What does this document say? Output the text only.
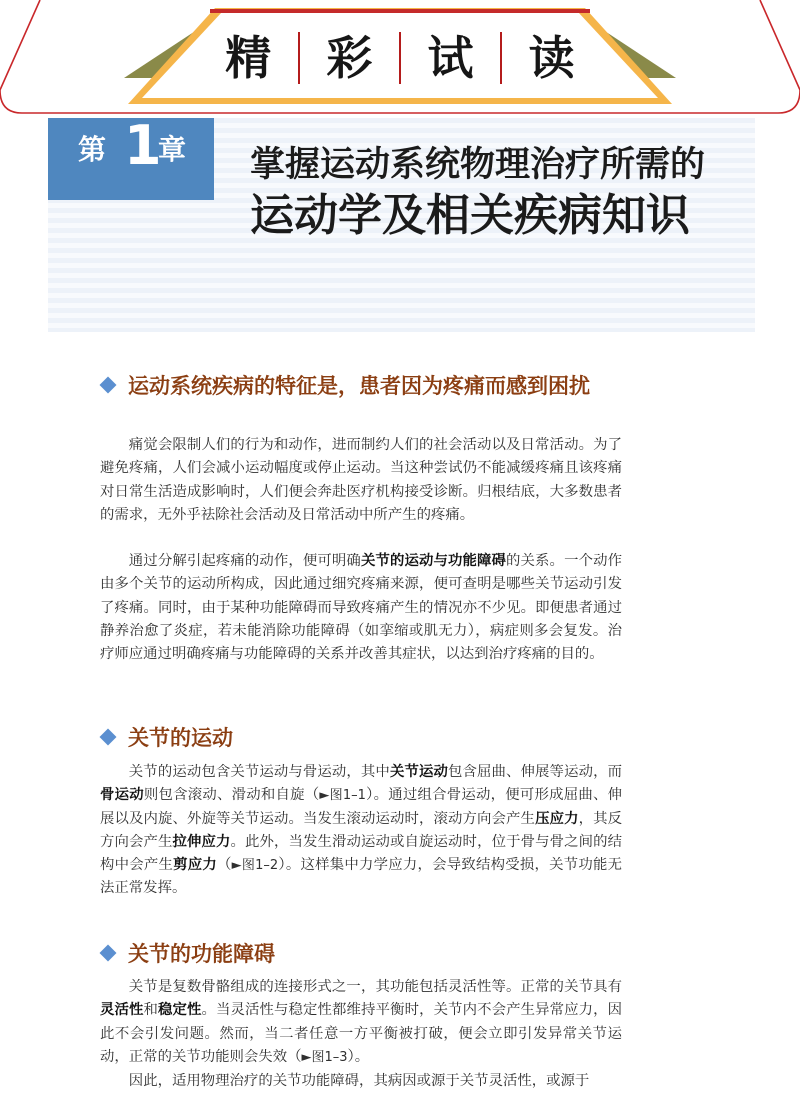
精 彩 试 读
第 1
章 掌握运动系统物理治疗所需的
运动学及相关疾病知识
运动系统疾病的特征是，患者因为疼痛而感到困扰

痛觉会限制人们的行为和动作，进而制约人们的社会活动以及日常活动。为了避免疼痛，人们会减小运动幅度或停止运动。当这种尝试仍不能减缓疼痛且该疼痛对日常生活造成影响时，人们便会奔赴医疗机构接受诊断。归根结底，大多数患者的需求，无外乎祛除社会活动及日常活动中所产生的疼痛。

通过分解引起疼痛的动作，便可明确关节的运动与功能障碍的关系。一个动作由多个关节的运动所构成，因此通过细究疼痛来源，便可查明是哪些关节运动引发了疼痛。同时，由于某种功能障碍而导致疼痛产生的情况亦不少见。即便患者通过静养治愈了炎症，若未能消除功能障碍（如挛缩或肌无力），病症则多会复发。治疗师应通过明确疼痛与功能障碍的关系并改善其症状，以达到治疗疼痛的目的。

关节的运动

关节的运动包含关节运动与骨运动，其中关节运动包含屈曲、伸展等运动，而骨运动则包含滚动、滑动和自旋（►图1–1）。通过组合骨运动，便可形成屈曲、伸展以及内旋、外旋等关节运动。当发生滚动运动时，滚动方向会产生压应力，其反方向会产生拉伸应力。此外，当发生滑动运动或自旋运动时，位于骨与骨之间的结构中会产生剪应力（►图1–2）。这样集中力学应力，会导致结构受损，关节功能无法正常发挥。

关节的功能障碍

关节是复数骨骼组成的连接形式之一，其功能包括灵活性等。正常的关节具有灵活性和稳定性。当灵活性与稳定性都维持平衡时，关节内不会产生异常应力，因此不会引发问题。然而，当二者任意一方平衡被打破，便会立即引发异常关节运动，正常的关节功能则会失效（►图1–3）。

因此，适用物理治疗的关节功能障碍，其病因或源于关节灵活性，或源于
